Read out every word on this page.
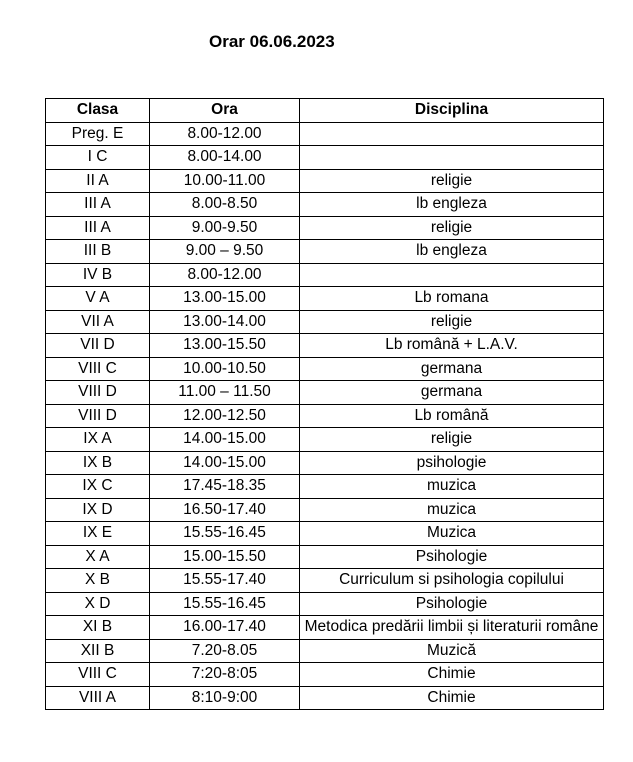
Orar 06.06.2023
Clasa	Ora	Disciplina
Preg. E	8.00-12.00	
I C	8.00-14.00	
II A	10.00-11.00	religie
III A	8.00-8.50	lb engleza
III A	9.00-9.50	religie
III B	9.00 – 9.50	lb engleza
IV B	8.00-12.00	
V A	13.00-15.00	Lb romana
VII A	13.00-14.00	religie
VII D	13.00-15.50	Lb română + L.A.V.
VIII C	10.00-10.50	germana
VIII D	11.00 – 11.50	germana
VIII D	12.00-12.50	Lb română
IX A	14.00-15.00	religie
IX B	14.00-15.00	psihologie
IX C	17.45-18.35	muzica
IX D	16.50-17.40	muzica
IX E	15.55-16.45	Muzica
X A	15.00-15.50	Psihologie
X B	15.55-17.40	Curriculum si psihologia copilului
X D	15.55-16.45	Psihologie
XI B	16.00-17.40	Metodica predării limbii și literaturii române
XII B	7.20-8.05	Muzică
VIII C	7:20-8:05	Chimie
VIII A	8:10-9:00	Chimie
